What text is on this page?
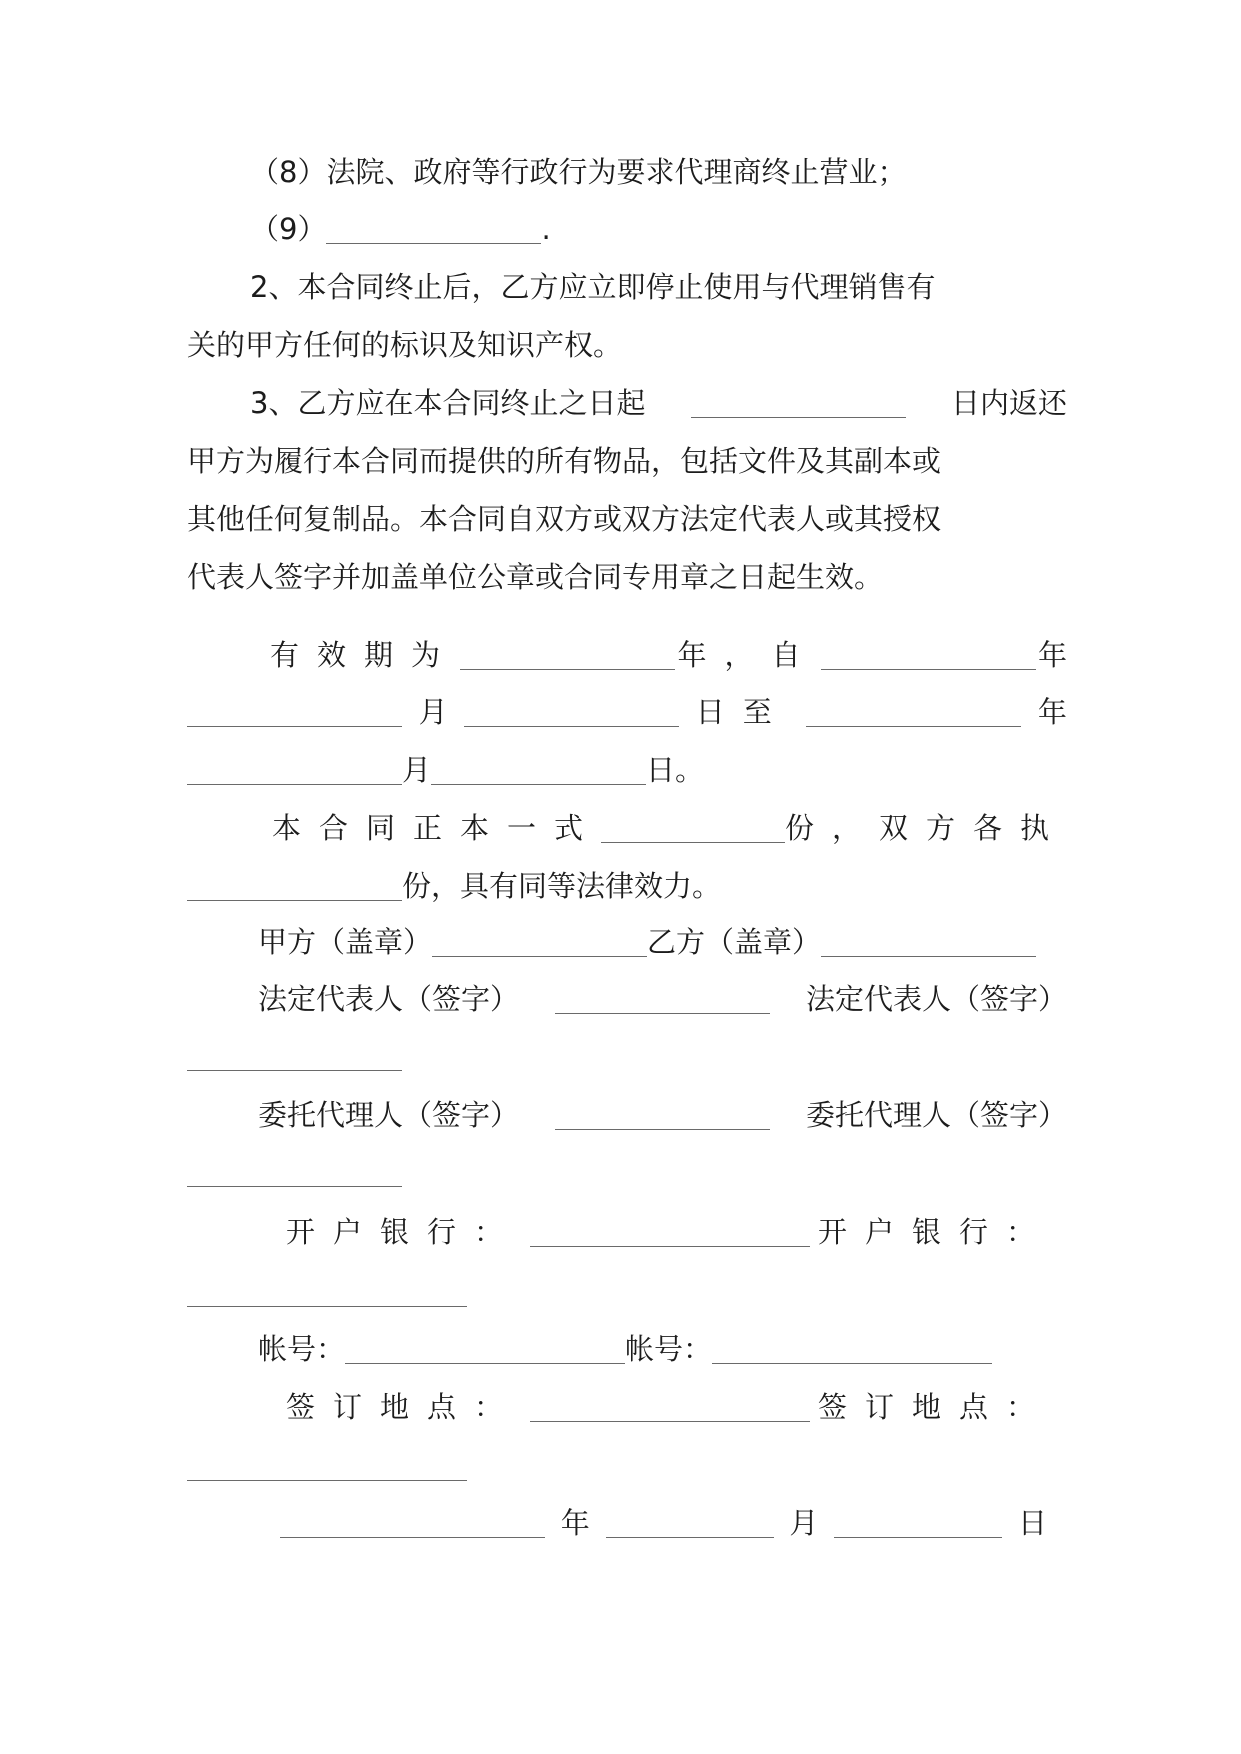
（8）法院、政府等行政行为要求代理商终止营业；
（9）	.
2、本合同终止后，乙方应立即停止使用与代理销售有
关的甲方任何的标识及知识产权。
3、乙方应在本合同终止之日起	日内返还
甲方为履行本合同而提供的所有物品，包括文件及其副本或
其他任何复制品。本合同自双方或双方法定代表人或其授权
代表人签字并加盖单位公章或合同专用章之日起生效。
有效期为	年，自	年
月	日至	年
月	日。
本合同正本一式	份，双方各执
份，具有同等法律效力。
甲方（盖章）	乙方（盖章）
法定代表人（签字）	法定代表人（签字）
委托代理人（签字）	委托代理人（签字）
开户银行：	开户银行：
帐号：	帐号：
签订地点：	签订地点：
年	月	日
